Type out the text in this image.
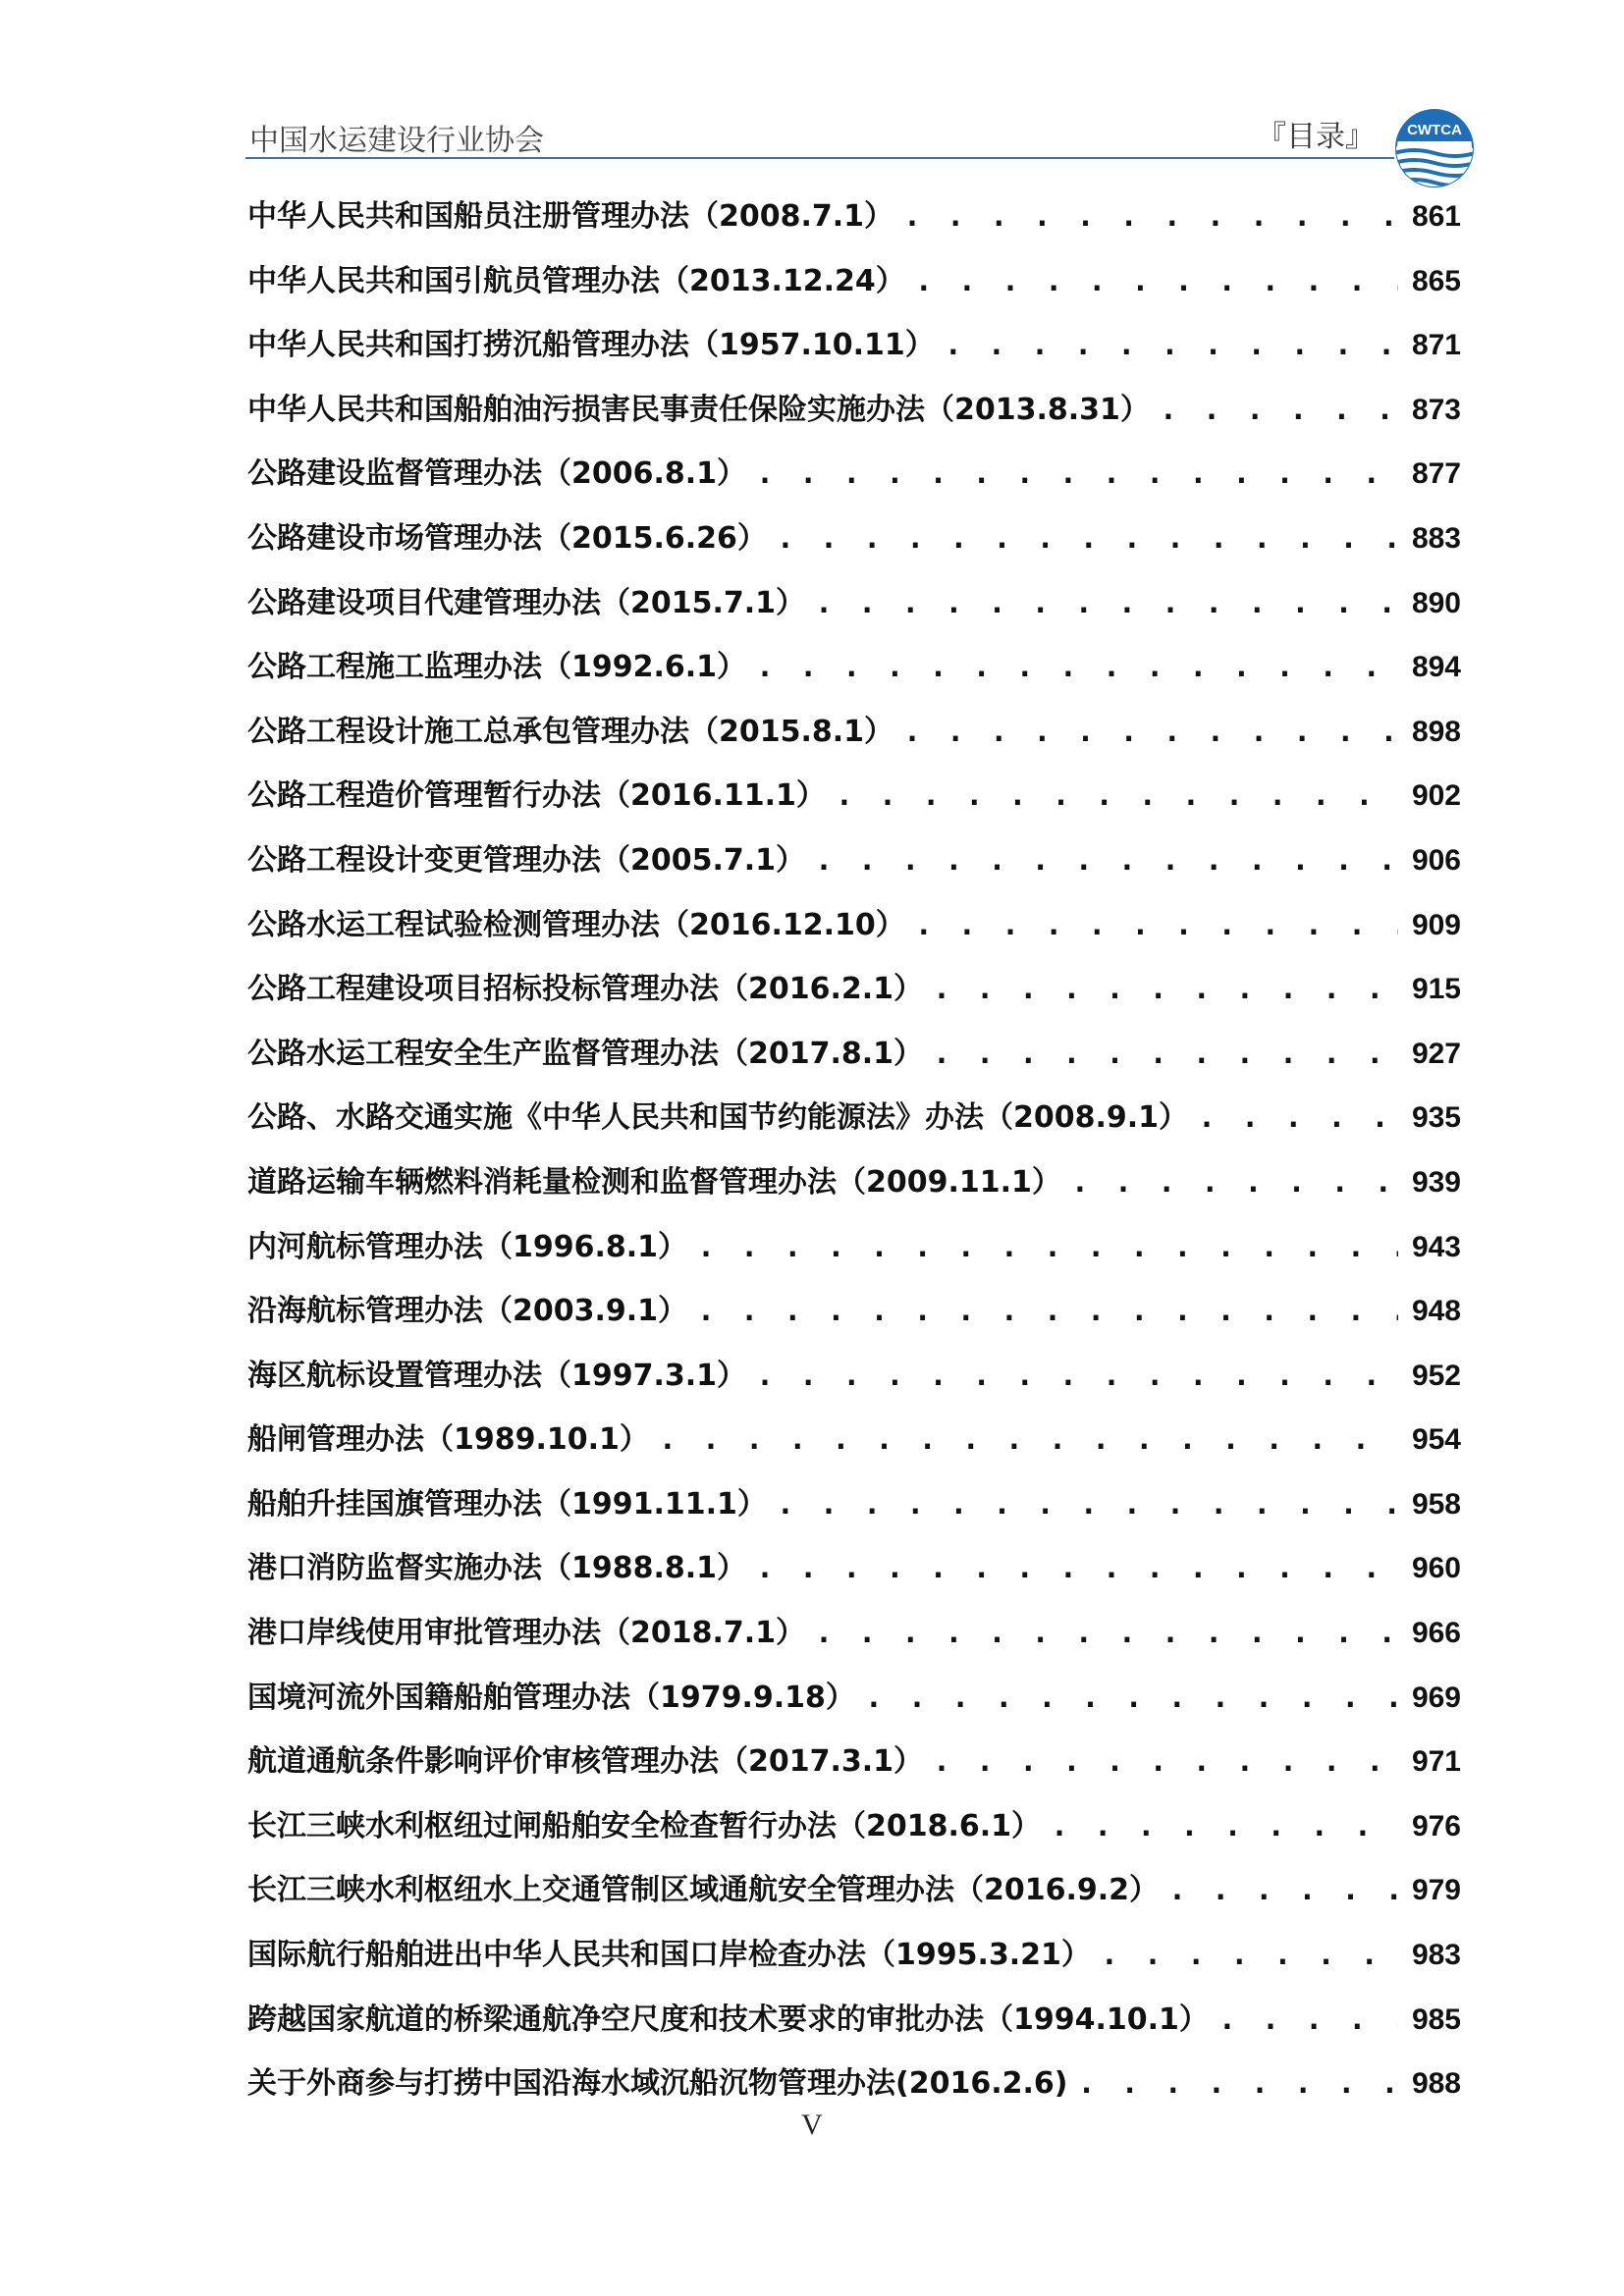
中国水运建设行业协会	『目录』 CWTCA
中华人民共和国船员注册管理办法（2008.7.1） . . .	861
中华人民共和国引航员管理办法（2013.12.24） . . .	865
中华人民共和国打捞沉船管理办法（1957.10.11） . . .	871
中华人民共和国船舶油污损害民事责任保险实施办法（2013.8.31） . . .	873
公路建设监督管理办法（2006.8.1） . . .	877
公路建设市场管理办法（2015.6.26） . . .	883
公路建设项目代建管理办法（2015.7.1） . . .	890
公路工程施工监理办法（1992.6.1） . . .	894
公路工程设计施工总承包管理办法（2015.8.1） . . .	898
公路工程造价管理暂行办法（2016.11.1） . . .	902
公路工程设计变更管理办法（2005.7.1） . . .	906
公路水运工程试验检测管理办法（2016.12.10） . . .	909
公路工程建设项目招标投标管理办法（2016.2.1） . . .	915
公路水运工程安全生产监督管理办法（2017.8.1） . . .	927
公路、水路交通实施《中华人民共和国节约能源法》办法（2008.9.1） . . .	935
道路运输车辆燃料消耗量检测和监督管理办法（2009.11.1） . . .	939
内河航标管理办法（1996.8.1） . . .	943
沿海航标管理办法（2003.9.1） . . .	948
海区航标设置管理办法（1997.3.1） . . .	952
船闸管理办法（1989.10.1） . . .	954
船舶升挂国旗管理办法（1991.11.1） . . .	958
港口消防监督实施办法（1988.8.1） . . .	960
港口岸线使用审批管理办法（2018.7.1） . . .	966
国境河流外国籍船舶管理办法（1979.9.18） . . .	969
航道通航条件影响评价审核管理办法（2017.3.1） . . .	971
长江三峡水利枢纽过闸船舶安全检查暂行办法（2018.6.1） . . .	976
长江三峡水利枢纽水上交通管制区域通航安全管理办法（2016.9.2） . . .	979
国际航行船舶进出中华人民共和国口岸检查办法（1995.3.21） . . .	983
跨越国家航道的桥梁通航净空尺度和技术要求的审批办法（1994.10.1） . . .	985
关于外商参与打捞中国沿海水域沉船沉物管理办法(2016.2.6) . . .	988
V
